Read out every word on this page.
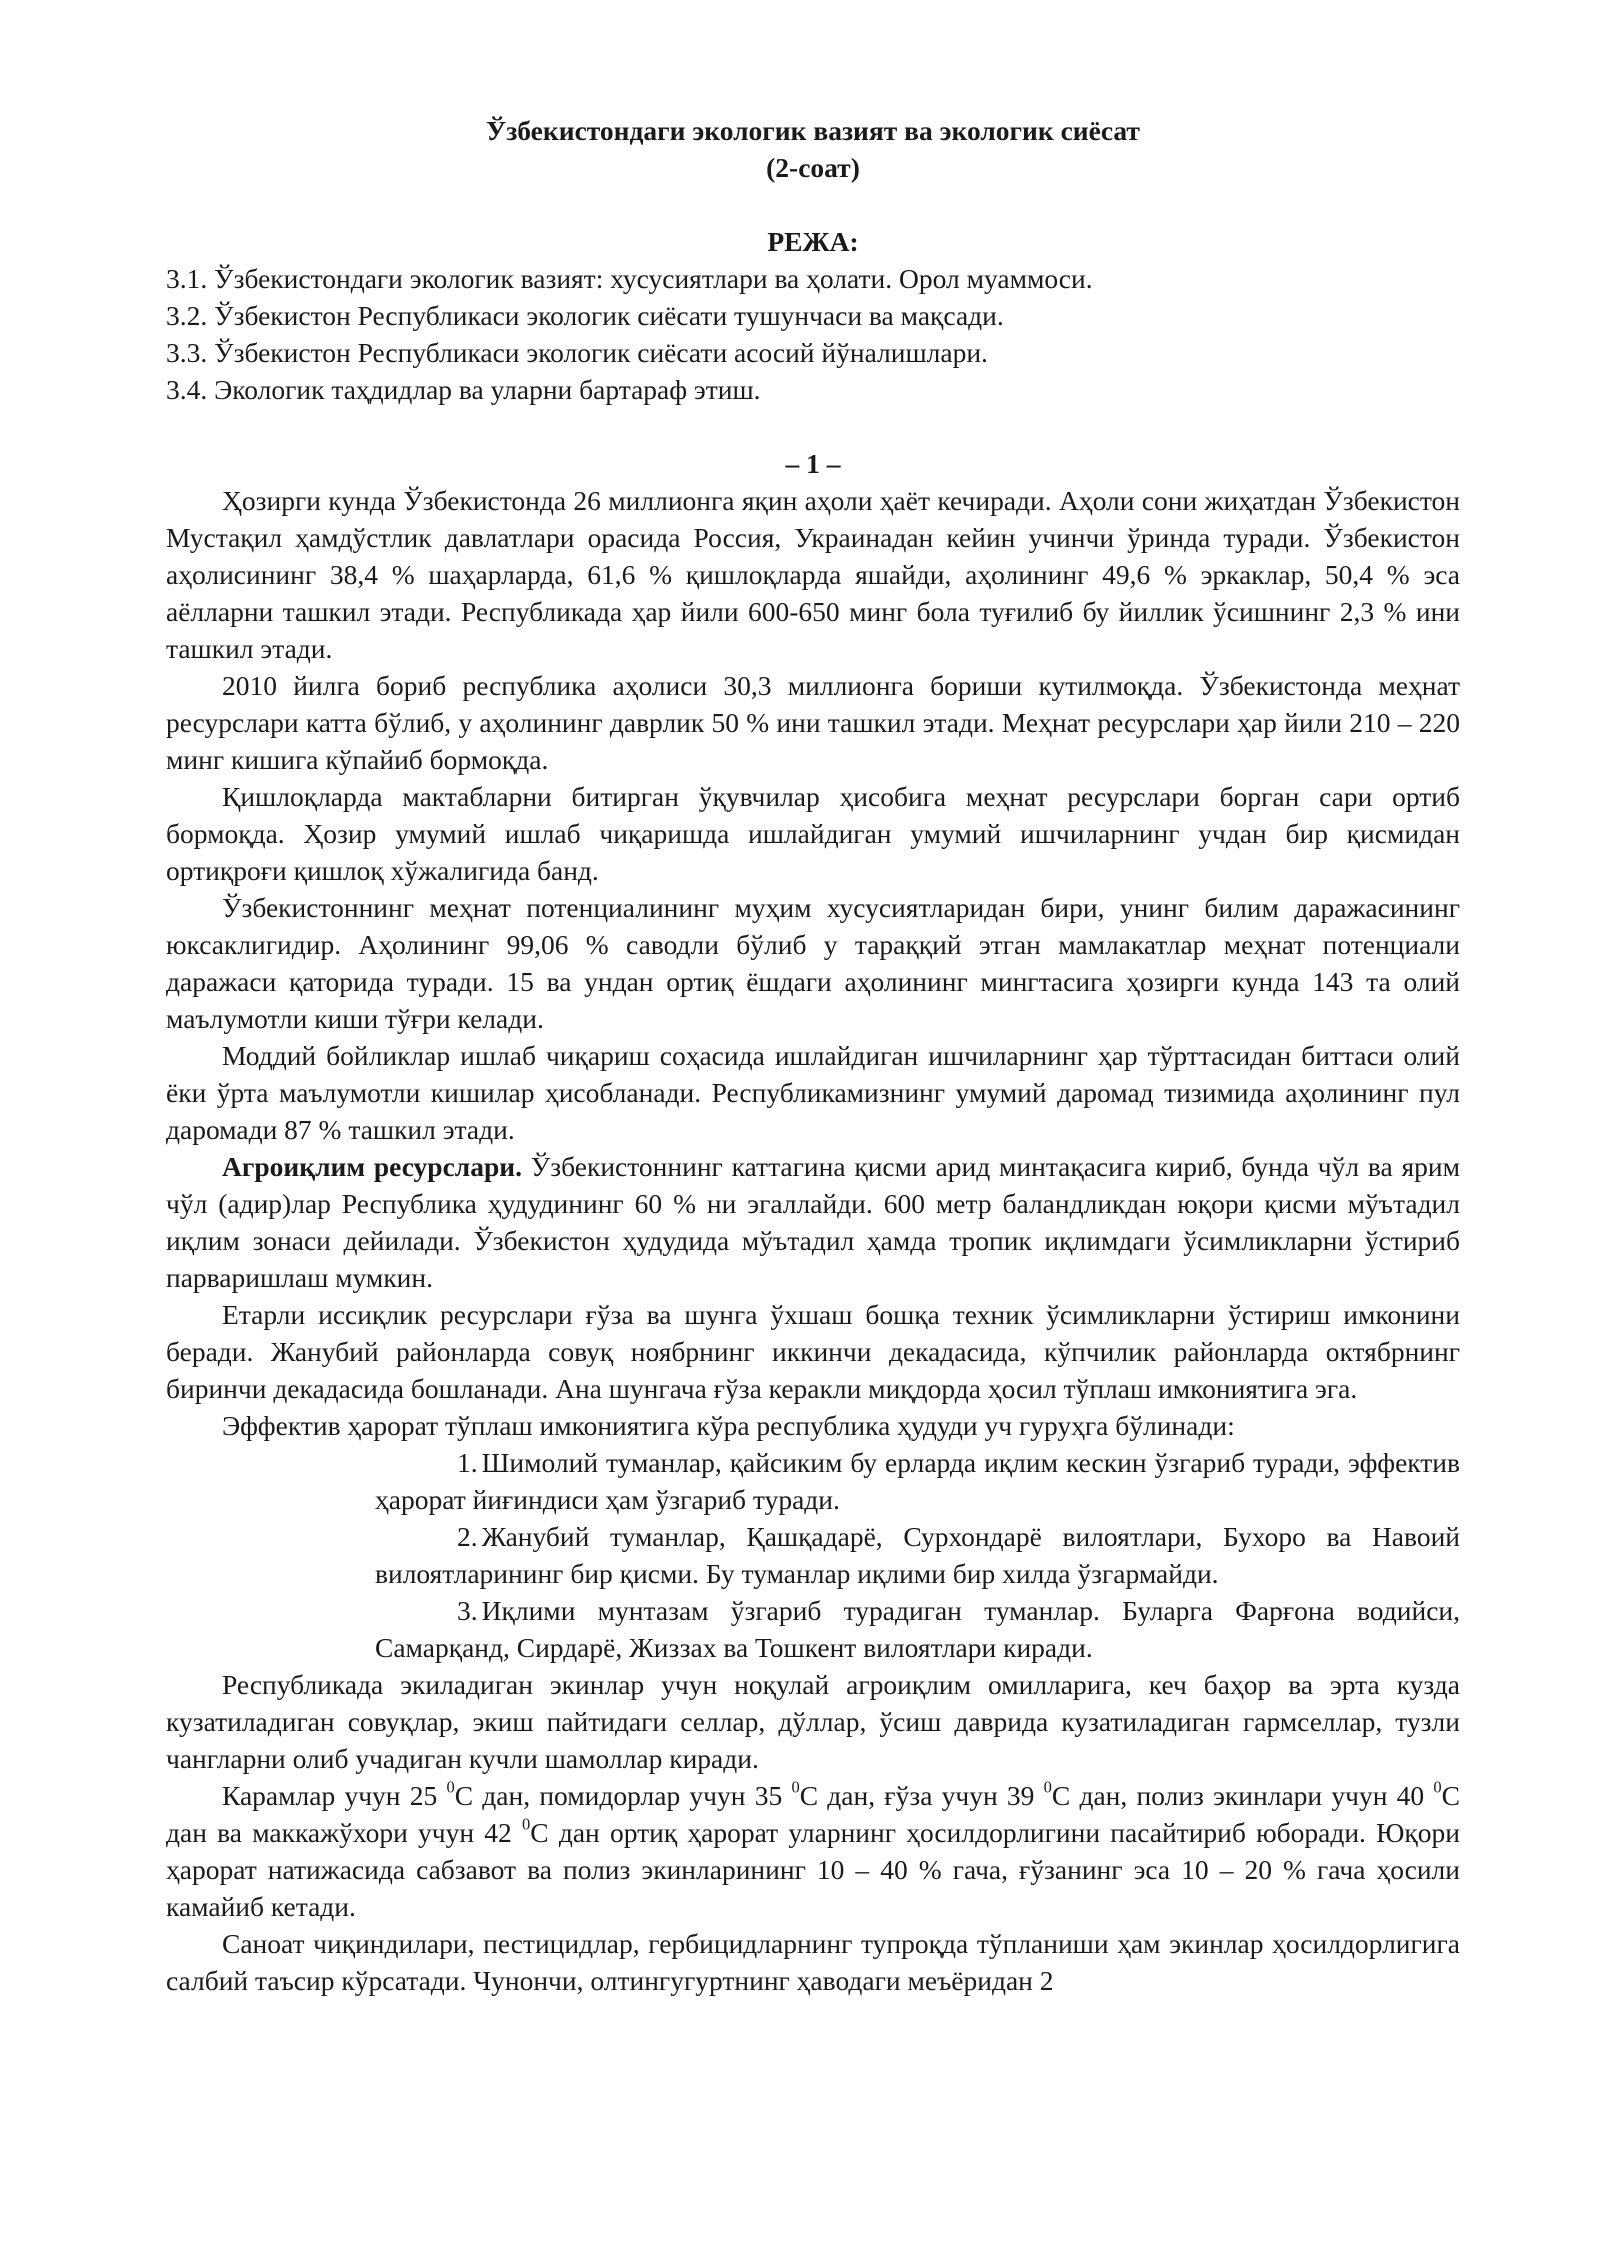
Ўзбекистондаги экологик вазият ва экологик сиёсат
(2-соат)
РЕЖА:
3.1. Ўзбекистондаги экологик вазият: хусусиятлари ва ҳолати. Орол муаммоси.
3.2. Ўзбекистон Республикаси экологик сиёсати тушунчаси ва мақсади.
3.3. Ўзбекистон Республикаси экологик сиёсати асосий йўналишлари.
3.4. Экологик таҳдидлар ва уларни бартараф этиш.
– 1 –

Ҳозирги кунда Ўзбекистонда 26 миллионга яқин аҳоли ҳаёт кечиради. Аҳоли сони жиҳатдан Ўзбекистон Мустақил ҳамдўстлик давлатлари орасида Россия, Украинадан кейин учинчи ўринда туради. Ўзбекистон аҳолисининг 38,4 % шаҳарларда, 61,6 % қишлоқларда яшайди, аҳолининг 49,6 % эркаклар, 50,4 % эса аёлларни ташкил этади. Республикада ҳар йили 600-650 минг бола туғилиб бу йиллик ўсишнинг 2,3 % ини ташкил этади.

2010 йилга бориб республика аҳолиси 30,3 миллионга бориши кутилмоқда. Ўзбекистонда меҳнат ресурслари катта бўлиб, у аҳолининг даврлик 50 % ини ташкил этади. Меҳнат ресурслари ҳар йили 210 – 220 минг кишига кўпайиб бормоқда.

Қишлоқларда мактабларни битирган ўқувчилар ҳисобига меҳнат ресурслари борган сари ортиб бормоқда. Ҳозир умумий ишлаб чиқаришда ишлайдиган умумий ишчиларнинг учдан бир қисмидан ортиқроғи қишлоқ хўжалигида банд.

Ўзбекистоннинг меҳнат потенциалининг муҳим хусусиятларидан бири, унинг билим даражасининг юксаклигидир. Аҳолининг 99,06 % саводли бўлиб у тараққий этган мамлакатлар меҳнат потенциали даражаси қаторида туради. 15 ва ундан ортиқ ёшдаги аҳолининг мингтасига ҳозирги кунда 143 та олий маълумотли киши тўғри келади.

Моддий бойликлар ишлаб чиқариш соҳасида ишлайдиган ишчиларнинг ҳар тўрттасидан биттаси олий ёки ўрта маълумотли кишилар ҳисобланади. Республикамизнинг умумий даромад тизимида аҳолининг пул даромади 87 % ташкил этади.

Агроиқлим ресурслари. Ўзбекистоннинг каттагина қисми арид минтақасига кириб, бунда чўл ва ярим чўл (адир)лар Республика ҳудудининг 60 % ни эгаллайди. 600 метр баландликдан юқори қисми мўътадил иқлим зонаси дейилади. Ўзбекистон ҳудудида мўътадил ҳамда тропик иқлимдаги ўсимликларни ўстириб парваришлаш мумкин.

Етарли иссиқлик ресурслари ғўза ва шунга ўхшаш бошқа техник ўсимликларни ўстириш имконини беради. Жанубий районларда совуқ ноябрнинг иккинчи декадасида, кўпчилик районларда октябрнинг биринчи декадасида бошланади. Ана шунгача ғўза керакли миқдорда ҳосил тўплаш имкониятига эга.

Эффектив ҳарорат тўплаш имкониятига кўра республика ҳудуди уч гуруҳга бўлинади:

1. Шимолий туманлар, қайсиким бу ерларда иқлим кескин ўзгариб туради, эффектив ҳарорат йиғиндиси ҳам ўзгариб туради.

2. Жанубий туманлар, Қашқадарё, Сурхондарё вилоятлари, Бухоро ва Навоий вилоятларининг бир қисми. Бу туманлар иқлими бир хилда ўзгармайди.

3. Иқлими мунтазам ўзгариб турадиган туманлар. Буларга Фарғона водийси, Самарқанд, Сирдарё, Жиззах ва Тошкент вилоятлари киради.

Республикада экиладиган экинлар учун ноқулай агроиқлим омилларига, кеч баҳор ва эрта кузда кузатиладиган совуқлар, экиш пайтидаги селлар, дўллар, ўсиш даврида кузатиладиган гармселлар, тузли чангларни олиб учадиган кучли шамоллар киради.

Карамлар учун 25 $^0$С дан, помидорлар учун 35 $^0$С дан, ғўза учун 39 $^0$С дан, полиз экинлари учун 40 $^0$С дан ва маккажўхори учун 42 $^0$С дан ортиқ ҳарорат уларнинг ҳосилдорлигини пасайтириб юборади. Юқори ҳарорат натижасида сабзавот ва полиз экинларининг 10 – 40 % гача, ғўзанинг эса 10 – 20 % гача ҳосили камайиб кетади.

Саноат чиқиндилари, пестицидлар, гербицидларнинг тупроқда тўпланиши ҳам экинлар ҳосилдорлигига салбий таъсир кўрсатади. Чунончи, олтингугуртнинг ҳаводаги меъёридан 2
